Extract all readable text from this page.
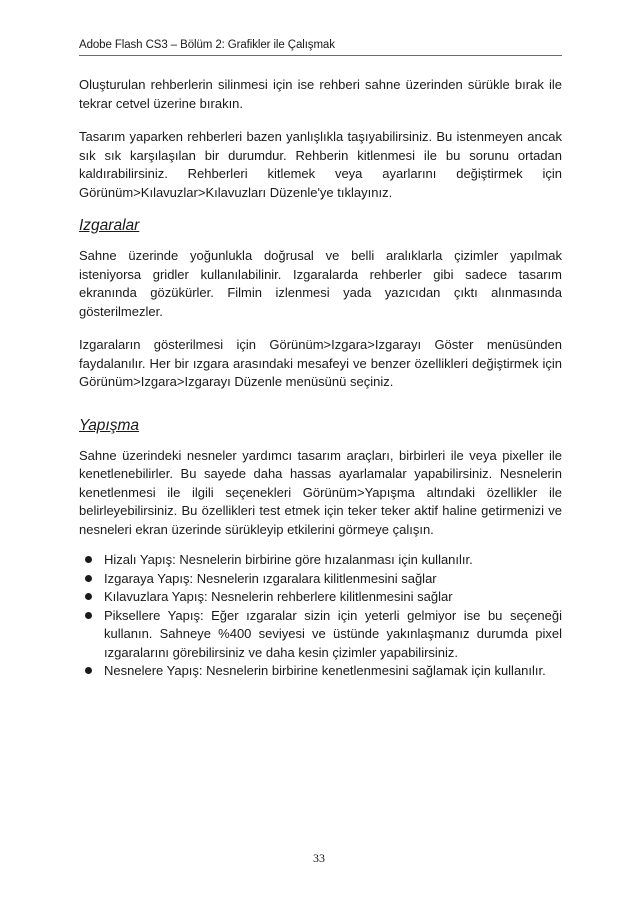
Adobe Flash CS3 – Bölüm 2: Grafikler ile Çalışmak

Oluşturulan rehberlerin silinmesi için ise rehberi sahne üzerinden sürükle bırak ile tekrar cetvel üzerine bırakın.

Tasarım yaparken rehberleri bazen yanlışlıkla taşıyabilirsiniz. Bu istenmeyen ancak sık sık karşılaşılan bir durumdur. Rehberin kitlenmesi ile bu sorunu ortadan kaldırabilirsiniz. Rehberleri kitlemek veya ayarlarını değiştirmek için Görünüm>Kılavuzlar>Kılavuzları Düzenle'ye tıklayınız.

Izgaralar

Sahne üzerinde yoğunlukla doğrusal ve belli aralıklarla çizimler yapılmak isteniyorsa gridler kullanılabilinir. Izgaralarda rehberler gibi sadece tasarım ekranında gözükürler. Filmin izlenmesi yada yazıcıdan çıktı alınmasında gösterilmezler.

Izgaraların gösterilmesi için Görünüm>Izgara>Izgarayı Göster menüsünden faydalanılır. Her bir ızgara arasındaki mesafeyi ve benzer özellikleri değiştirmek için Görünüm>Izgara>Izgarayı Düzenle menüsünü seçiniz.

Yapışma

Sahne üzerindeki nesneler yardımcı tasarım araçları, birbirleri ile veya pixeller ile kenetlenebilirler. Bu sayede daha hassas ayarlamalar yapabilirsiniz. Nesnelerin kenetlenmesi ile ilgili seçenekleri Görünüm>Yapışma altındaki özellikler ile belirleyebilirsiniz. Bu özellikleri test etmek için teker teker aktif haline getirmenizi ve nesneleri ekran üzerinde sürükleyip etkilerini görmeye çalışın.

Hizalı Yapış: Nesnelerin birbirine göre hızalanması için kullanılır.
Izgaraya Yapış: Nesnelerin ızgaralara kilitlenmesini sağlar
Kılavuzlara Yapış: Nesnelerin rehberlere kilitlenmesini sağlar
Piksellere Yapış: Eğer ızgaralar sizin için yeterli gelmiyor ise bu seçeneği kullanın. Sahneye %400 seviyesi ve üstünde yakınlaşmanız durumda pixel ızgaralarını görebilirsiniz ve daha kesin çizimler yapabilirsiniz.
Nesnelere Yapış: Nesnelerin birbirine kenetlenmesini sağlamak için kullanılır.
33
